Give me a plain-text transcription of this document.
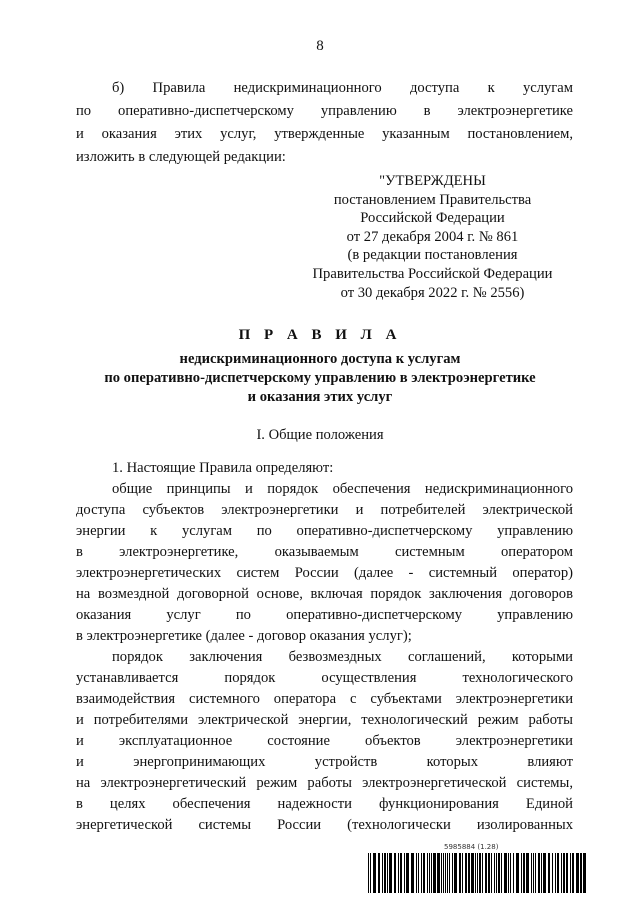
8
б) Правила недискриминационного доступа к услугам
по оперативно-диспетчерскому управлению в электроэнергетике
и оказания этих услуг, утвержденные указанным постановлением,
изложить в следующей редакции:
"УТВЕРЖДЕНЫ
постановлением Правительства
Российской Федерации
от 27 декабря 2004 г. № 861
(в редакции постановления
Правительства Российской Федерации
от 30 декабря 2022 г. № 2556)
П Р А В И Л А
недискриминационного доступа к услугам
по оперативно-диспетчерскому управлению в электроэнергетике
и оказания этих услуг
I. Общие положения
1. Настоящие Правила определяют:
общие принципы и порядок обеспечения недискриминационного
доступа субъектов электроэнергетики и потребителей электрической
энергии к услугам по оперативно-диспетчерскому управлению
в электроэнергетике, оказываемым системным оператором
электроэнергетических систем России (далее - системный оператор)
на возмездной договорной основе, включая порядок заключения договоров
оказания услуг по оперативно-диспетчерскому управлению
в электроэнергетике (далее - договор оказания услуг);
порядок заключения безвозмездных соглашений, которыми
устанавливается порядок осуществления технологического
взаимодействия системного оператора с субъектами электроэнергетики
и потребителями электрической энергии, технологический режим работы
и эксплуатационное состояние объектов электроэнергетики
и энергопринимающих устройств которых влияют
на электроэнергетический режим работы электроэнергетической системы,
в целях обеспечения надежности функционирования Единой
энергетической системы России (технологически изолированных
5985884 (1.28)
